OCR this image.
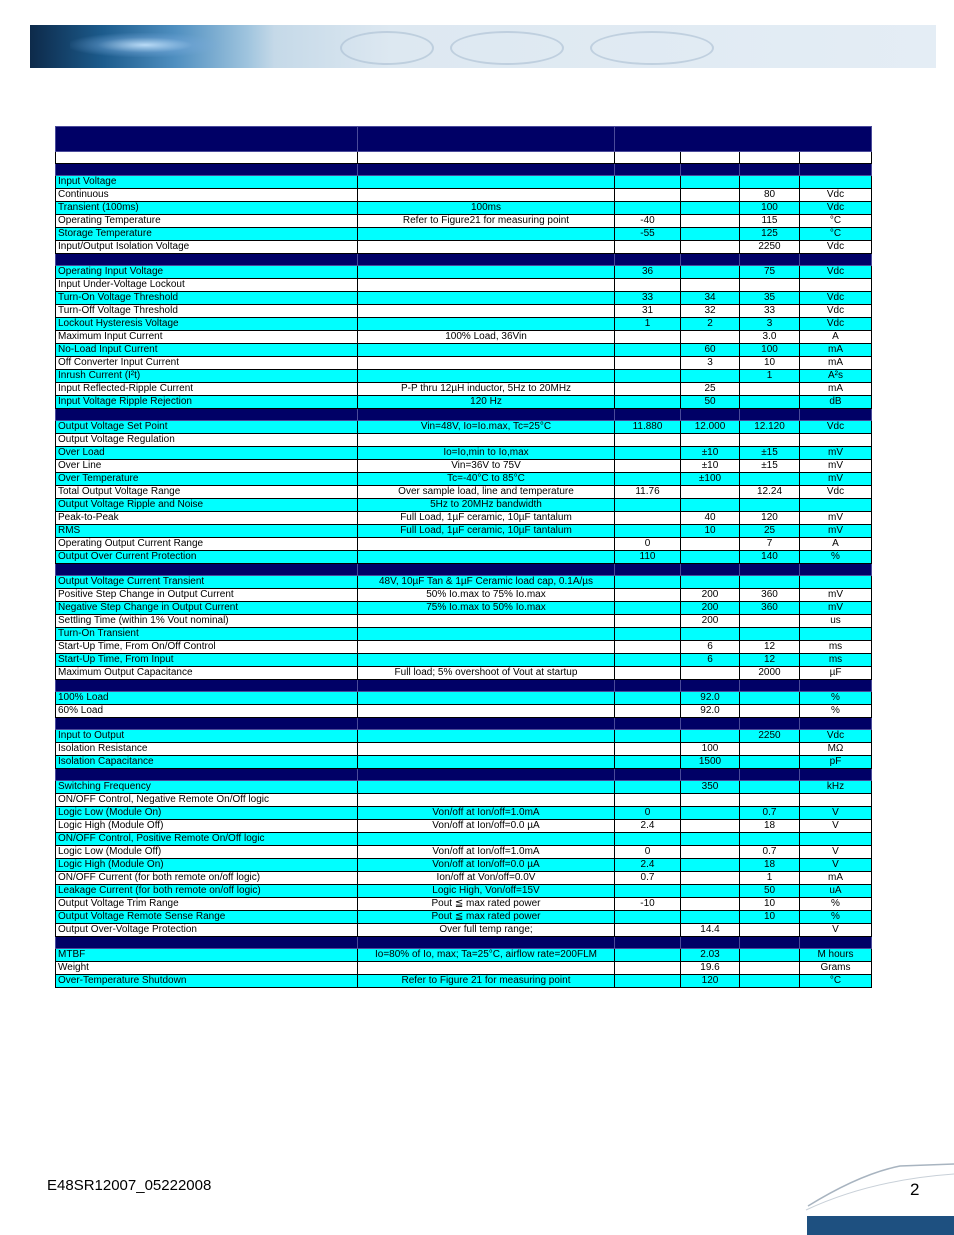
Input Voltage					
Continuous				80	Vdc
Transient (100ms)	100ms			100	Vdc
Operating Temperature	Refer to Figure21 for measuring point	-40		115	°C
Storage Temperature		-55		125	°C
Input/Output Isolation Voltage				2250	Vdc

Operating Input Voltage		36		75	Vdc
Input Under-Voltage Lockout					
Turn-On Voltage Threshold		33	34	35	Vdc
Turn-Off Voltage Threshold		31	32	33	Vdc
Lockout Hysteresis Voltage		1	2	3	Vdc
Maximum Input Current	100% Load, 36Vin			3.0	A
No-Load Input Current			60	100	mA
Off Converter Input Current			3	10	mA
Inrush Current (I²t)				1	A²s
Input Reflected-Ripple Current	P-P thru 12µH inductor, 5Hz to 20MHz		25		mA
Input Voltage Ripple Rejection	120 Hz		50		dB

Output Voltage Set Point	Vin=48V, Io=Io.max, Tc=25°C	11.880	12.000	12.120	Vdc
Output Voltage Regulation					
Over Load	Io=Io,min to Io,max		±10	±15	mV
Over Line	Vin=36V to 75V		±10	±15	mV
Over Temperature	Tc=-40°C to 85°C		±100		mV
Total Output Voltage Range	Over sample load, line and temperature	11.76		12.24	Vdc
Output Voltage Ripple and Noise	5Hz to 20MHz bandwidth				
Peak-to-Peak	Full Load, 1µF ceramic, 10µF tantalum		40	120	mV
RMS	Full Load, 1µF ceramic, 10µF tantalum		10	25	mV
Operating Output Current Range		0		7	A
Output Over Current Protection		110		140	%

Output Voltage Current Transient	48V, 10µF Tan & 1µF Ceramic load cap, 0.1A/µs				
Positive Step Change in Output Current	50% Io.max to 75% Io.max		200	360	mV
Negative Step Change in Output Current	75% Io.max to 50% Io.max		200	360	mV
Settling Time (within 1% Vout nominal)			200		us
Turn-On Transient					
Start-Up Time, From On/Off Control			6	12	ms
Start-Up Time, From Input			6	12	ms
Maximum Output Capacitance	Full load; 5% overshoot of Vout at startup			2000	µF

100% Load			92.0		%
60% Load			92.0		%

Input to Output				2250	Vdc
Isolation Resistance			100		MΩ
Isolation Capacitance			1500		pF

Switching Frequency			350		kHz
ON/OFF Control, Negative Remote On/Off logic					
Logic Low (Module On)	Von/off at Ion/off=1.0mA	0		0.7	V
Logic High (Module Off)	Von/off at Ion/off=0.0 µA	2.4		18	V
ON/OFF Control, Positive Remote On/Off logic					
Logic Low (Module Off)	Von/off at Ion/off=1.0mA	0		0.7	V
Logic High (Module On)	Von/off at Ion/off=0.0 µA	2.4		18	V
ON/OFF Current (for both remote on/off logic)	Ion/off at Von/off=0.0V	0.7		1	mA
Leakage Current (for both remote on/off logic)	Logic High, Von/off=15V			50	uA
Output Voltage Trim Range	Pout ≦ max rated power	-10		10	%
Output Voltage Remote Sense Range	Pout ≦ max rated power			10	%
Output Over-Voltage Protection	Over full temp range;		14.4		V

MTBF	Io=80% of Io, max; Ta=25°C, airflow rate=200FLM		2.03		M hours
Weight			19.6		Grams
Over-Temperature Shutdown	Refer to Figure 21 for measuring point		120		°C
E48SR12007_05222008	2
